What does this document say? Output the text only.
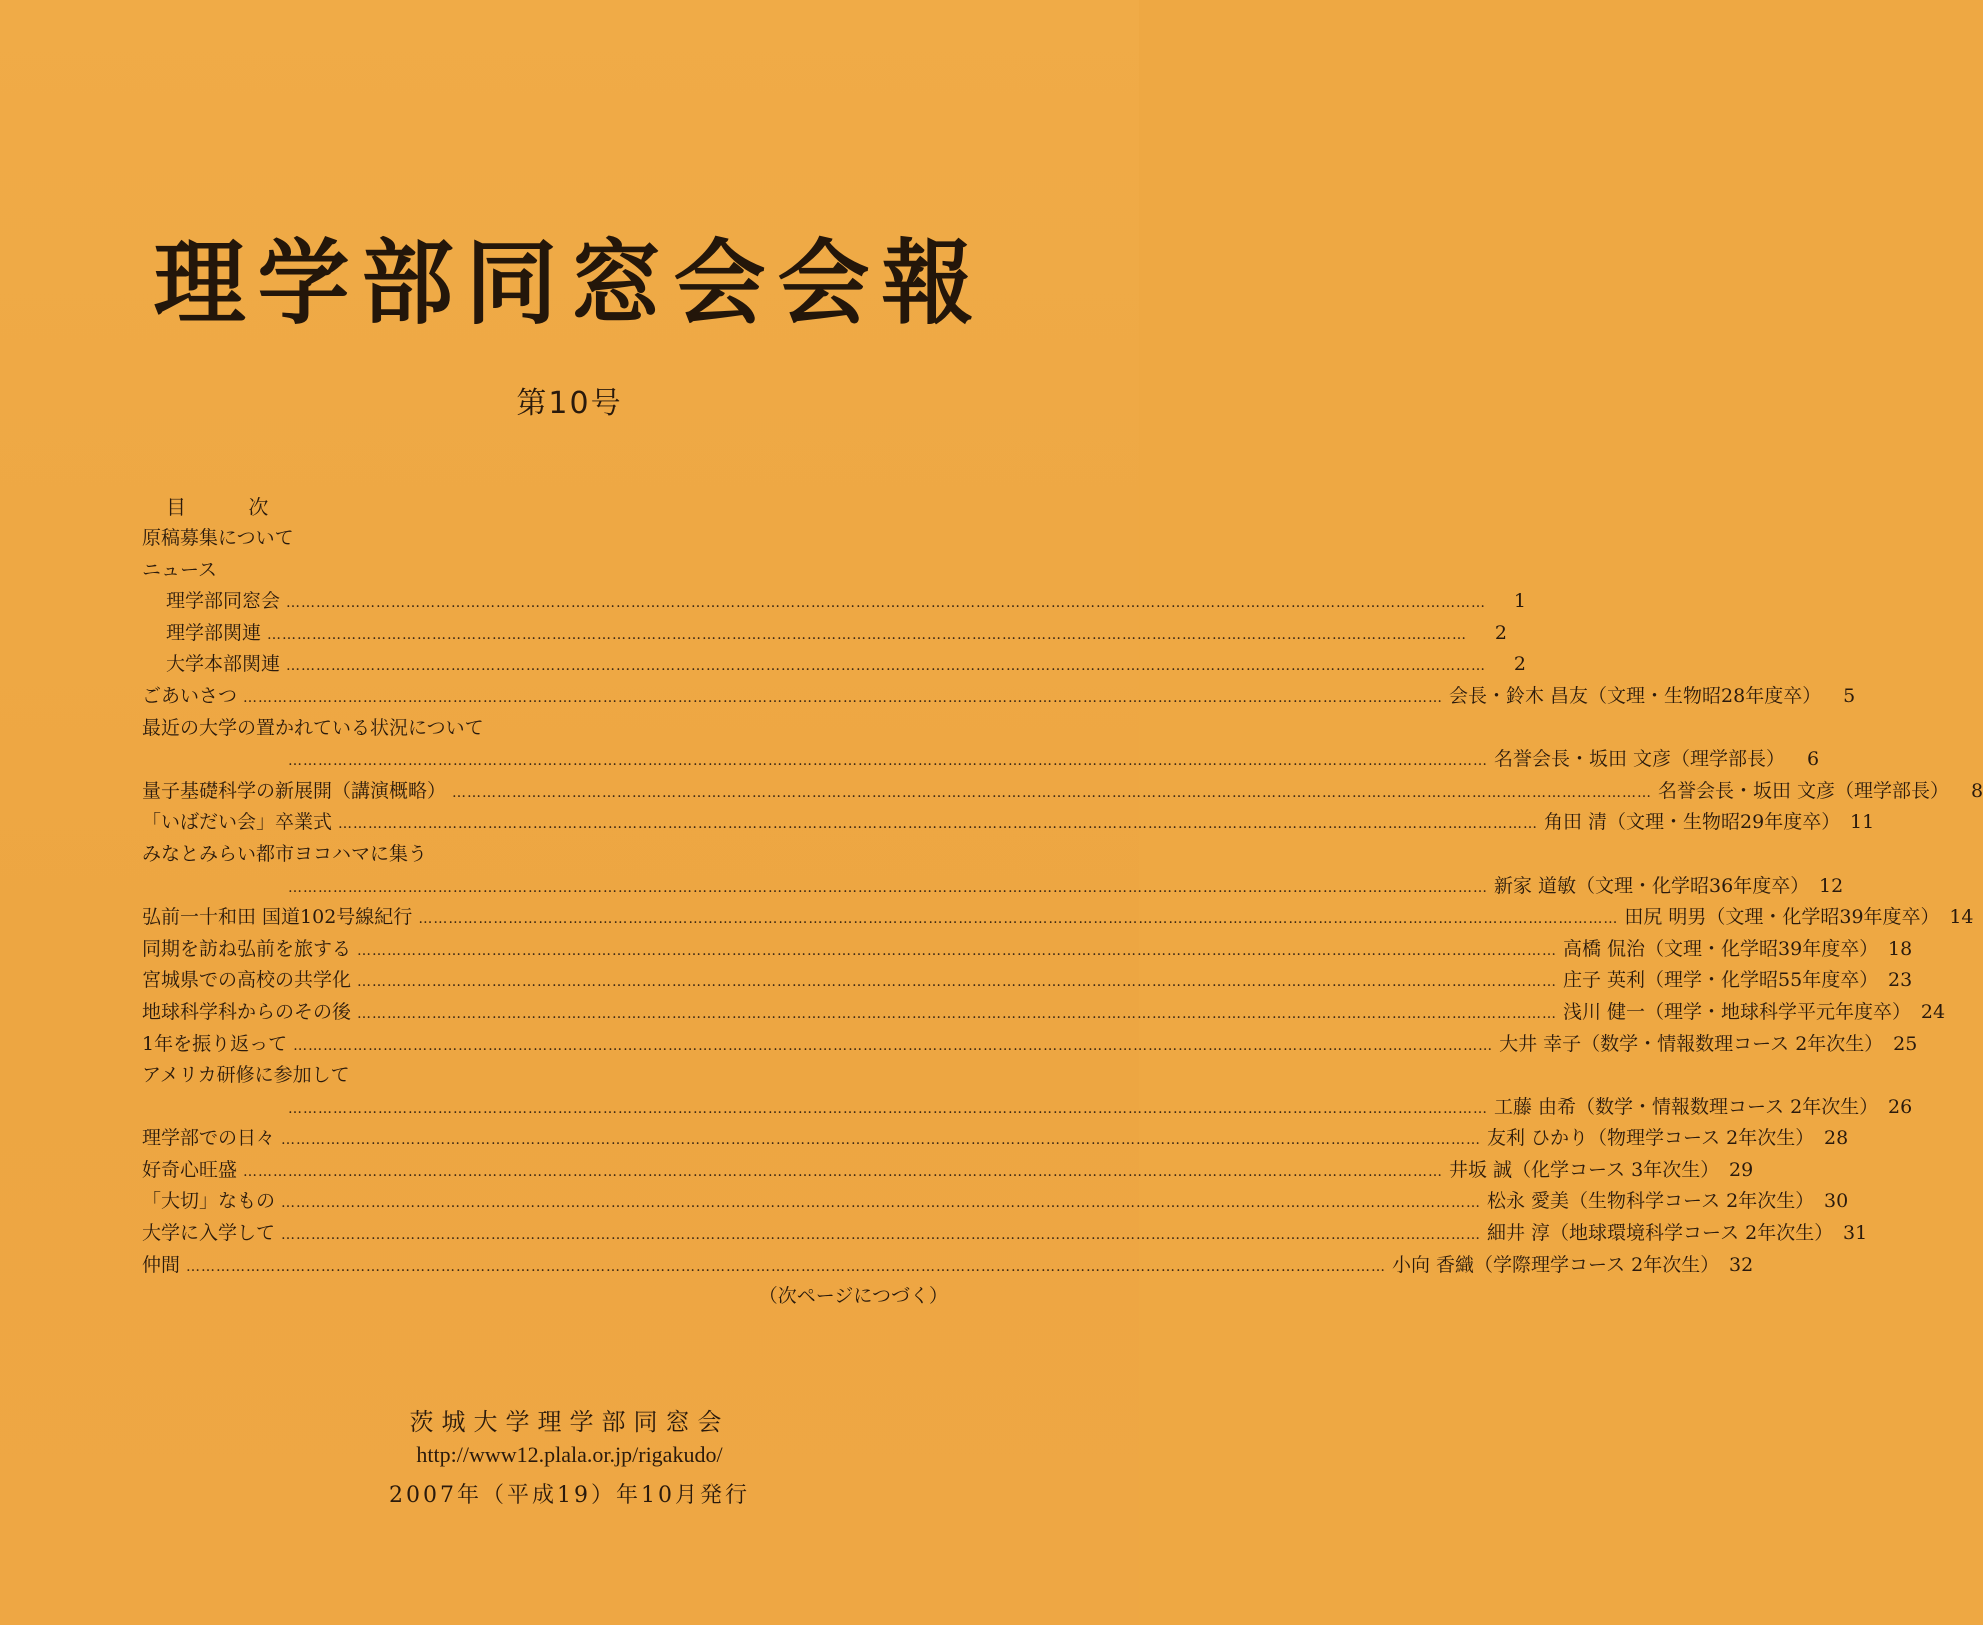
理学部同窓会会報
第10号
目 次
原稿募集について
ニュース
理学部同窓会 ……………………………………………………………………………………………………………………………………………………………………………………………………………………	1
理学部関連 ……………………………………………………………………………………………………………………………………………………………………………………………………………………	2
大学本部関連 ……………………………………………………………………………………………………………………………………………………………………………………………………………………	2
ごあいさつ …………………………………………………………………………………………………………………………………………………………………………………………………………………… 会長・鈴木 昌友（文理・生物昭28年度卒）	5
最近の大学の置かれている状況について
…………………………………………………………………………………………………………………………………………………………………………………………………………………… 名誉会長・坂田 文彦（理学部長）	6
量子基礎科学の新展開（講演概略） …………………………………………………………………………………………………………………………………………………………………………………………………………………… 名誉会長・坂田 文彦（理学部長）	8
「いばだい会」卒業式 …………………………………………………………………………………………………………………………………………………………………………………………………………………… 角田 清（文理・生物昭29年度卒） 11
みなとみらい都市ヨコハマに集う
…………………………………………………………………………………………………………………………………………………………………………………………………………………… 新家 道敏（文理・化学昭36年度卒） 12
弘前一十和田 国道102号線紀行 …………………………………………………………………………………………………………………………………………………………………………………………………………………… 田尻 明男（文理・化学昭39年度卒） 14
同期を訪ね弘前を旅する …………………………………………………………………………………………………………………………………………………………………………………………………………………… 高橋 侃治（文理・化学昭39年度卒） 18
宮城県での高校の共学化 …………………………………………………………………………………………………………………………………………………………………………………………………………………… 庄子 英利（理学・化学昭55年度卒） 23
地球科学科からのその後 …………………………………………………………………………………………………………………………………………………………………………………………………………………… 浅川 健一（理学・地球科学平元年度卒） 24
1年を振り返って …………………………………………………………………………………………………………………………………………………………………………………………………………………… 大井 幸子（数学・情報数理コース 2年次生） 25
アメリカ研修に参加して
…………………………………………………………………………………………………………………………………………………………………………………………………………………… 工藤 由希（数学・情報数理コース 2年次生） 26
理学部での日々 …………………………………………………………………………………………………………………………………………………………………………………………………………………… 友利 ひかり（物理学コース 2年次生） 28
好奇心旺盛 …………………………………………………………………………………………………………………………………………………………………………………………………………………… 井坂 誠（化学コース 3年次生） 29
「大切」なもの …………………………………………………………………………………………………………………………………………………………………………………………………………………… 松永 愛美（生物科学コース 2年次生） 30
大学に入学して …………………………………………………………………………………………………………………………………………………………………………………………………………………… 細井 淳（地球環境科学コース 2年次生） 31
仲間 …………………………………………………………………………………………………………………………………………………………………………………………………………………… 小向 香織（学際理学コース 2年次生） 32
（次ページにつづく）
茨城大学理学部同窓会
http://www12.plala.or.jp/rigakudo/
2007年（平成19）年10月発行
